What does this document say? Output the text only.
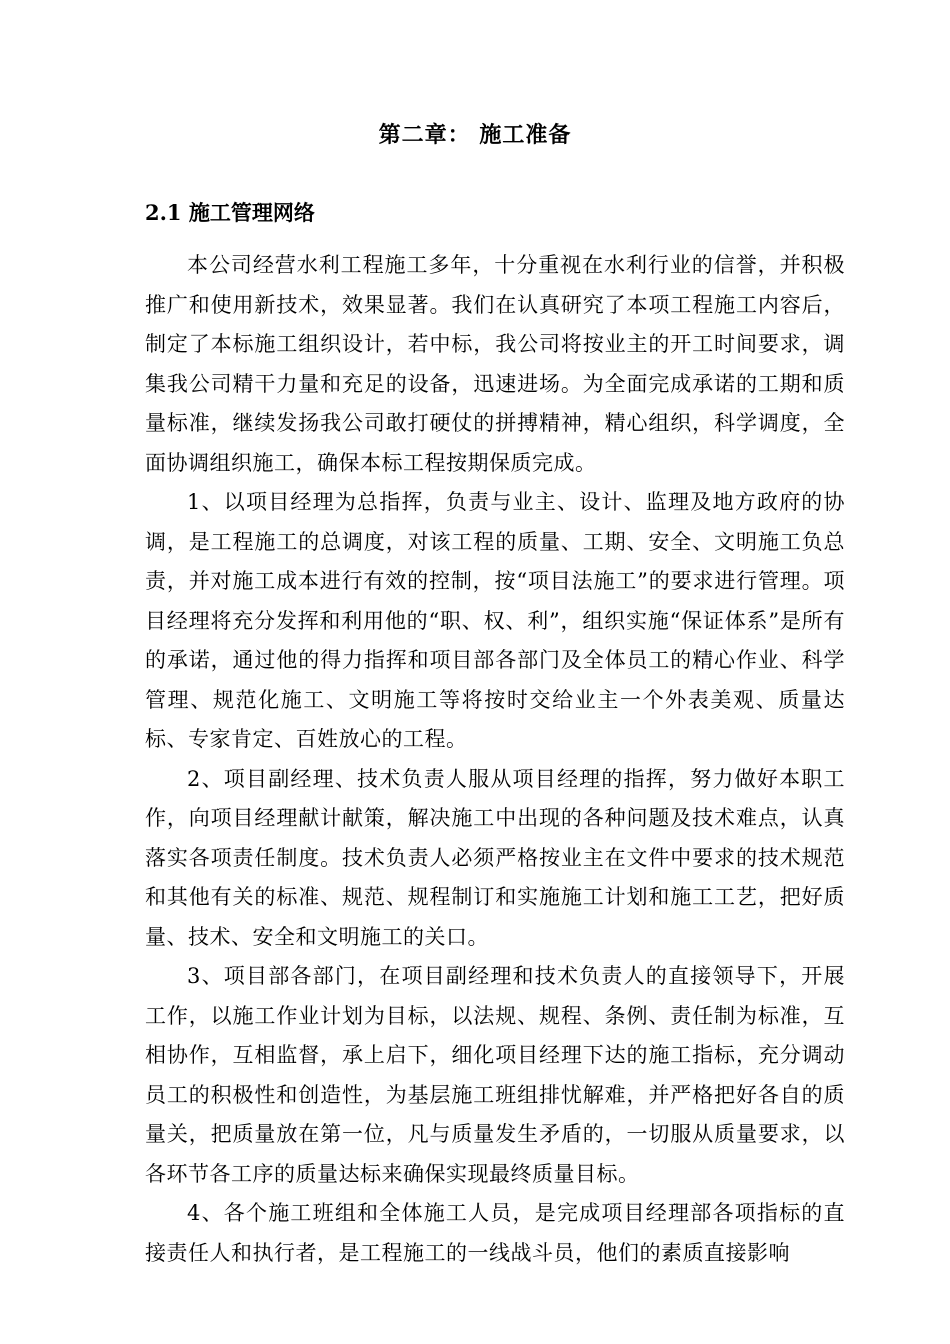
第二章： 施工准备
2.1 施工管理网络

本公司经营水利工程施工多年，十分重视在水利行业的信誉，并积极推广和使用新技术，效果显著。我们在认真研究了本项工程施工内容后，制定了本标施工组织设计，若中标，我公司将按业主的开工时间要求，调集我公司精干力量和充足的设备，迅速进场。为全面完成承诺的工期和质量标准，继续发扬我公司敢打硬仗的拼搏精神，精心组织，科学调度，全面协调组织施工，确保本标工程按期保质完成。

1、以项目经理为总指挥，负责与业主、设计、监理及地方政府的协调，是工程施工的总调度，对该工程的质量、工期、安全、文明施工负总责，并对施工成本进行有效的控制，按“项目法施工”的要求进行管理。项目经理将充分发挥和利用他的“职、权、利”，组织实施“保证体系”是所有的承诺，通过他的得力指挥和项目部各部门及全体员工的精心作业、科学管理、规范化施工、文明施工等将按时交给业主一个外表美观、质量达标、专家肯定、百姓放心的工程。

2、项目副经理、技术负责人服从项目经理的指挥，努力做好本职工作，向项目经理献计献策，解决施工中出现的各种问题及技术难点，认真落实各项责任制度。技术负责人必须严格按业主在文件中要求的技术规范和其他有关的标准、规范、规程制订和实施施工计划和施工工艺，把好质量、技术、安全和文明施工的关口。

3、项目部各部门，在项目副经理和技术负责人的直接领导下，开展工作，以施工作业计划为目标，以法规、规程、条例、责任制为标准，互相协作，互相监督，承上启下，细化项目经理下达的施工指标，充分调动员工的积极性和创造性，为基层施工班组排忧解难，并严格把好各自的质量关，把质量放在第一位，凡与质量发生矛盾的，一切服从质量要求，以各环节各工序的质量达标来确保实现最终质量目标。

4、各个施工班组和全体施工人员，是完成项目经理部各项指标的直接责任人和执行者，是工程施工的一线战斗员，他们的素质直接影响
